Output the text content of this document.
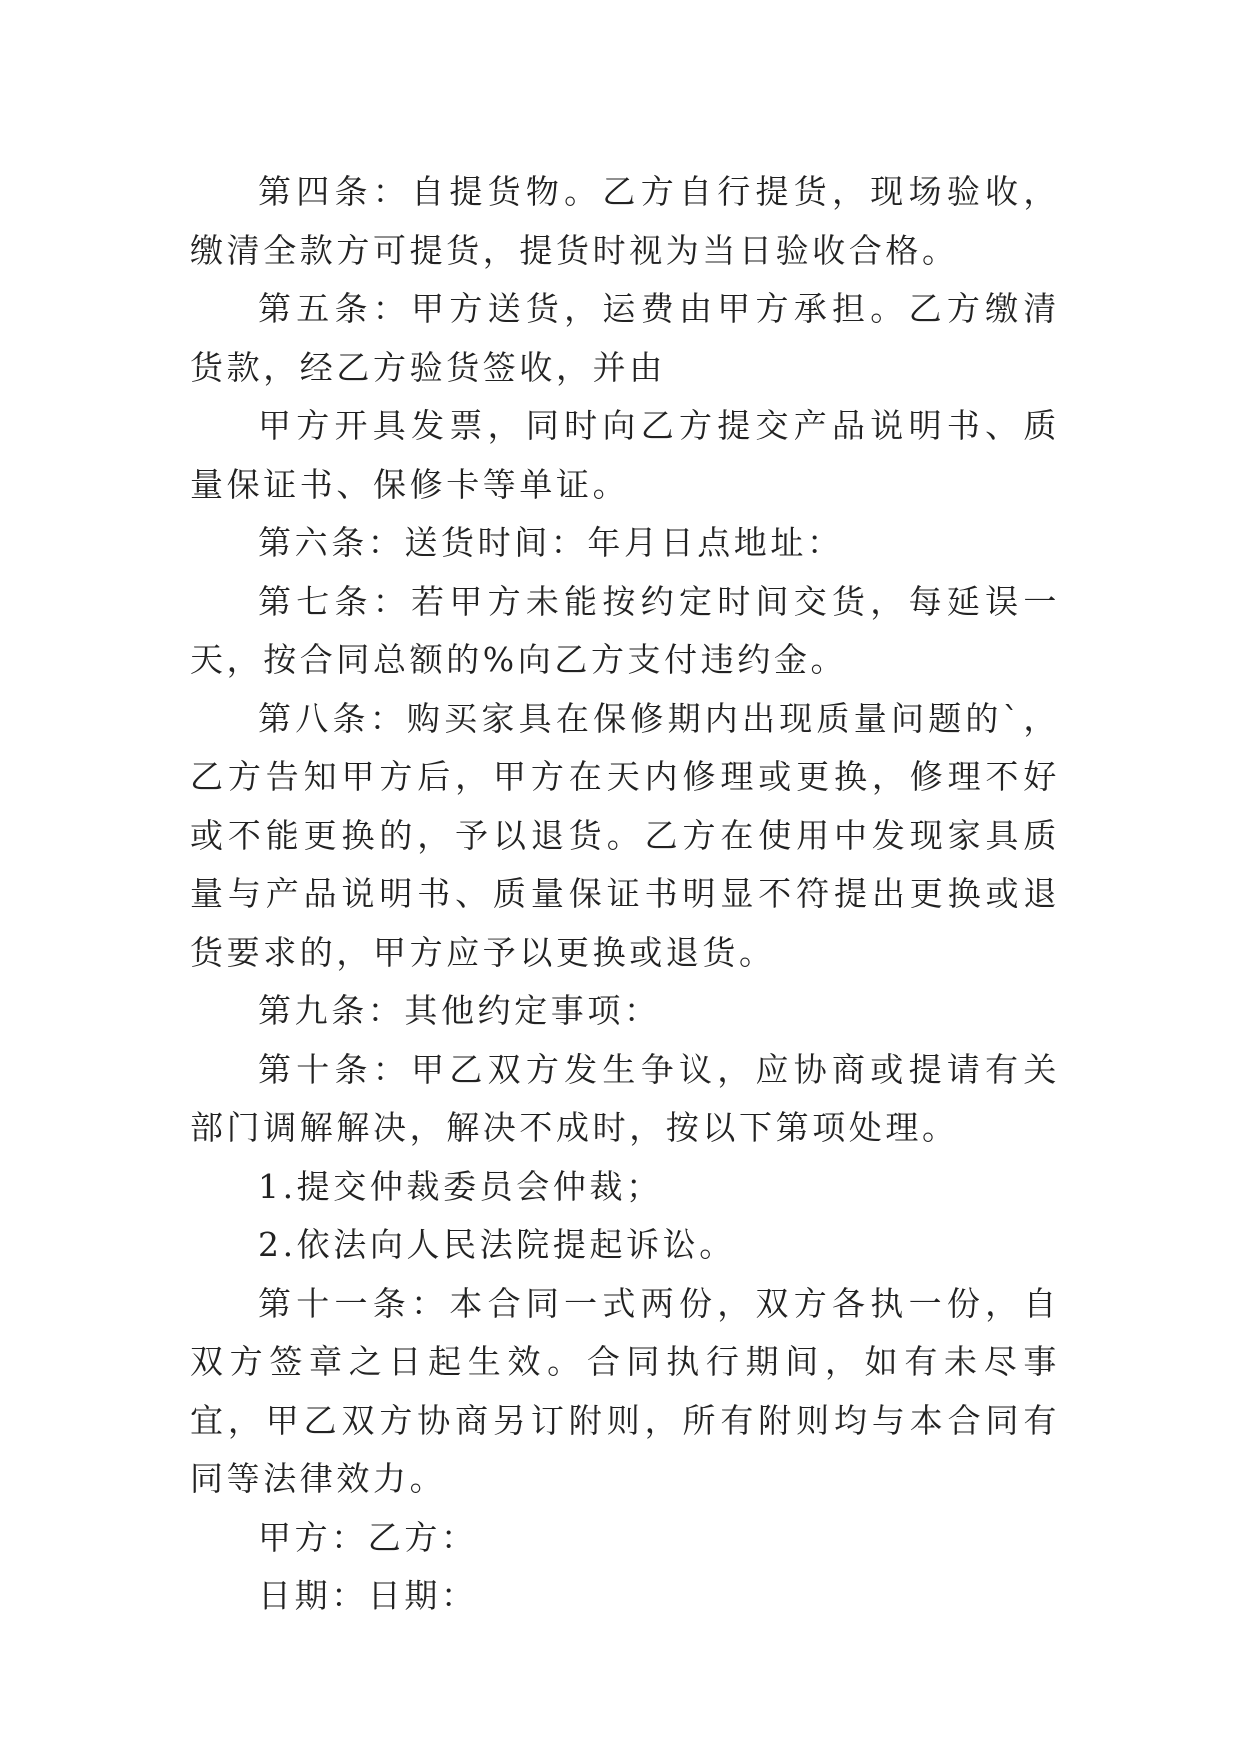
第四条：自提货物。乙方自行提货，现场验收，缴清全款方可提货，提货时视为当日验收合格。

第五条：甲方送货，运费由甲方承担。乙方缴清货款，经乙方验货签收，并由

甲方开具发票，同时向乙方提交产品说明书、质量保证书、保修卡等单证。

第六条：送货时间：年月日点地址：

第七条：若甲方未能按约定时间交货，每延误一天，按合同总额的%向乙方支付违约金。

第八条：购买家具在保修期内出现质量问题的`，乙方告知甲方后，甲方在天内修理或更换，修理不好或不能更换的，予以退货。乙方在使用中发现家具质量与产品说明书、质量保证书明显不符提出更换或退货要求的，甲方应予以更换或退货。

第九条：其他约定事项：

第十条：甲乙双方发生争议，应协商或提请有关部门调解解决，解决不成时，按以下第项处理。

1.提交仲裁委员会仲裁；

2.依法向人民法院提起诉讼。

第十一条：本合同一式两份，双方各执一份，自双方签章之日起生效。合同执行期间，如有未尽事宜，甲乙双方协商另订附则，所有附则均与本合同有同等法律效力。

甲方：乙方：

日期：日期：
